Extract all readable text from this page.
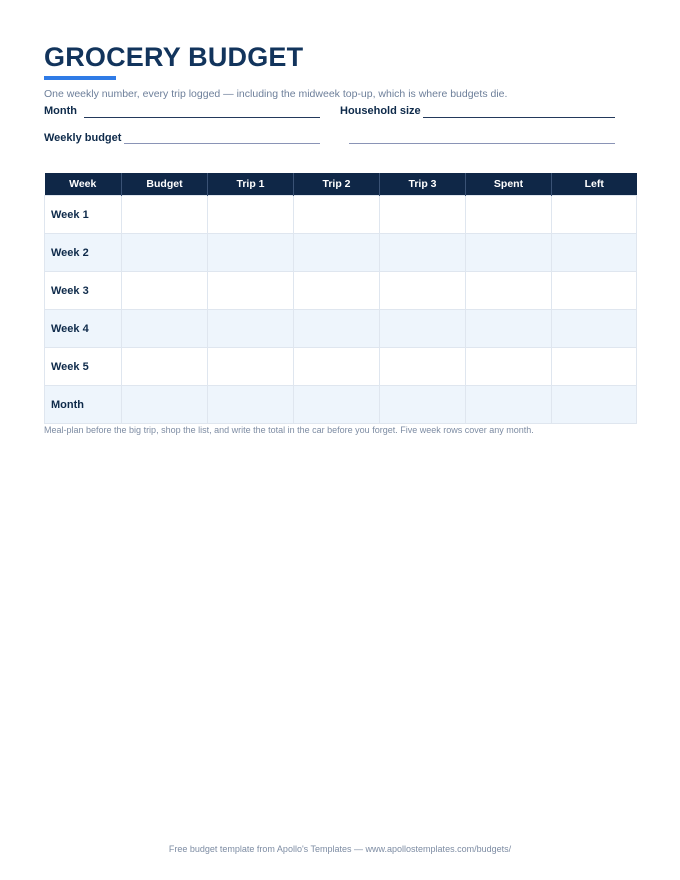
GROCERY BUDGET
One weekly number, every trip logged — including the midweek top-up, which is where budgets die.
Month	Household size
Weekly budget
Week	Budget	Trip 1	Trip 2	Trip 3	Spent	Left
Week 1						
Week 2						
Week 3						
Week 4						
Week 5						
Month						
Meal-plan before the big trip, shop the list, and write the total in the car before you forget. Five week rows cover any month.
Free budget template from Apollo's Templates — www.apollostemplates.com/budgets/
